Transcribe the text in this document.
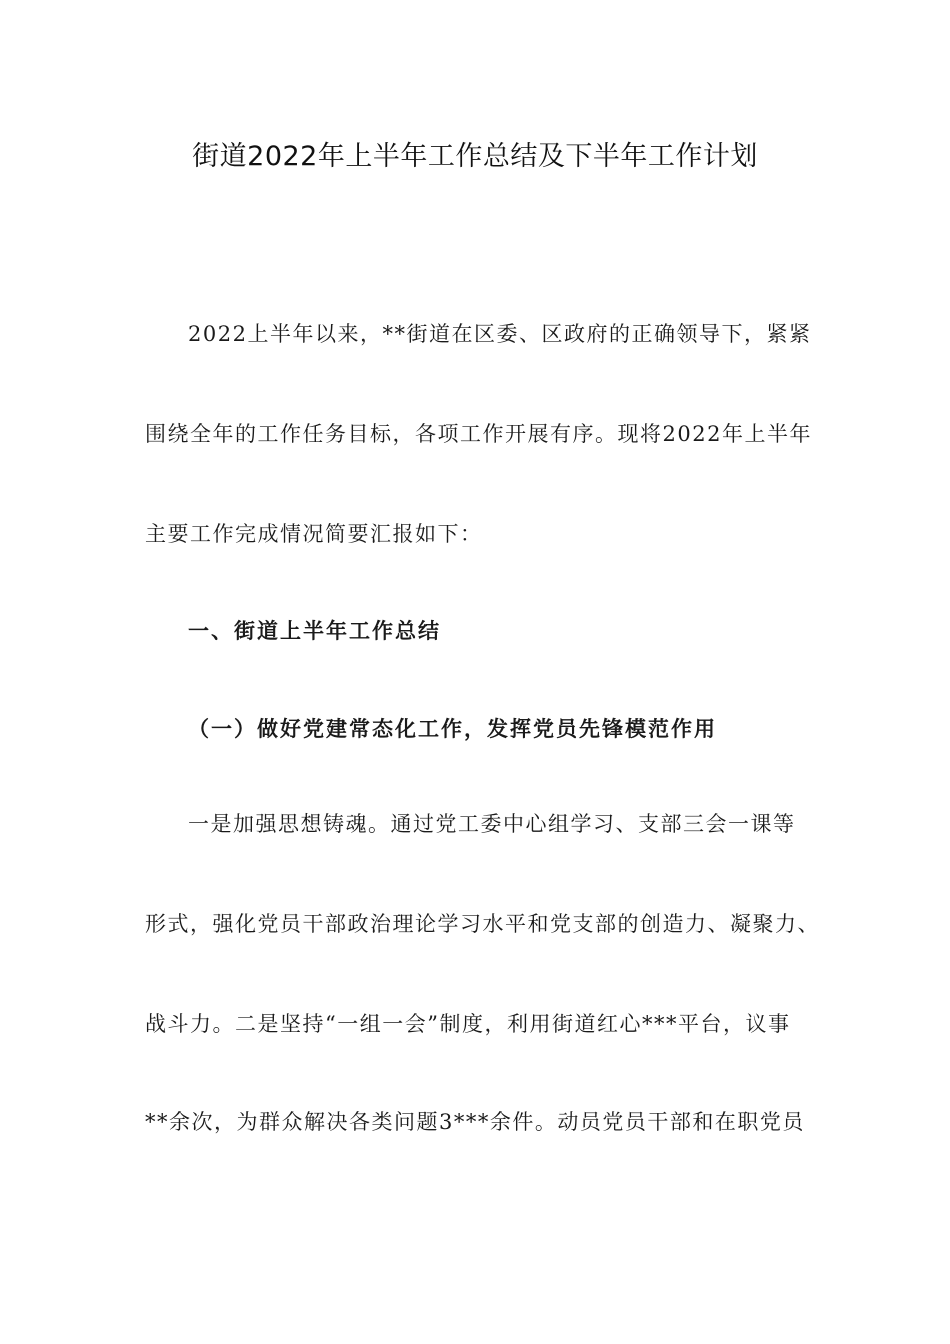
街道2022年上半年工作总结及下半年工作计划
2022上半年以来，**街道在区委、区政府的正确领导下，紧紧
围绕全年的工作任务目标，各项工作开展有序。现将2022年上半年
主要工作完成情况简要汇报如下：
一、街道上半年工作总结
（一）做好党建常态化工作，发挥党员先锋模范作用
一是加强思想铸魂。通过党工委中心组学习、支部三会一课等
形式，强化党员干部政治理论学习水平和党支部的创造力、凝聚力、
战斗力。二是坚持“一组一会”制度，利用街道红心***平台，议事
**余次，为群众解决各类问题3***余件。动员党员干部和在职党员
